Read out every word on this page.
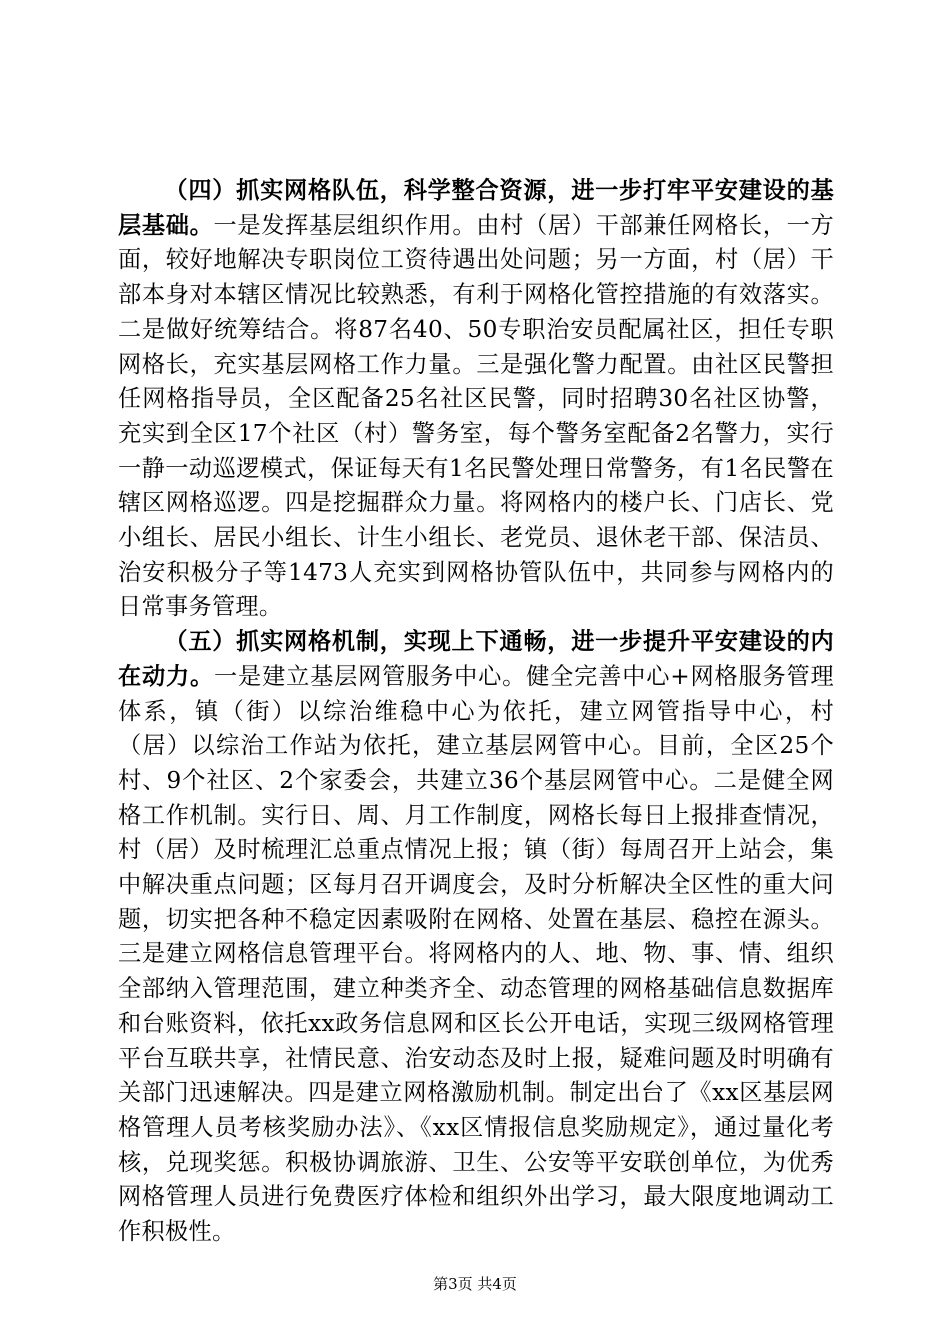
（四）抓实网格队伍，科学整合资源，进一步打牢平安建设的基层基础。一是发挥基层组织作用。由村（居）干部兼任网格长，一方面，较好地解决专职岗位工资待遇出处问题；另一方面，村（居）干部本身对本辖区情况比较熟悉，有利于网格化管控措施的有效落实。二是做好统筹结合。将87名40、50专职治安员配属社区，担任专职网格长，充实基层网格工作力量。三是强化警力配置。由社区民警担任网格指导员，全区配备25名社区民警，同时招聘30名社区协警，充实到全区17个社区（村）警务室，每个警务室配备2名警力，实行一静一动巡逻模式，保证每天有1名民警处理日常警务，有1名民警在辖区网格巡逻。四是挖掘群众力量。将网格内的楼户长、门店长、党小组长、居民小组长、计生小组长、老党员、退休老干部、保洁员、治安积极分子等1473人充实到网格协管队伍中，共同参与网格内的日常事务管理。

（五）抓实网格机制，实现上下通畅，进一步提升平安建设的内在动力。一是建立基层网管服务中心。健全完善中心+网格服务管理体系，镇（街）以综治维稳中心为依托，建立网管指导中心，村（居）以综治工作站为依托，建立基层网管中心。目前，全区25个村、9个社区、2个家委会，共建立36个基层网管中心。二是健全网格工作机制。实行日、周、月工作制度，网格长每日上报排查情况，村（居）及时梳理汇总重点情况上报；镇（街）每周召开上站会，集中解决重点问题；区每月召开调度会，及时分析解决全区性的重大问题，切实把各种不稳定因素吸附在网格、处置在基层、稳控在源头。三是建立网格信息管理平台。将网格内的人、地、物、事、情、组织全部纳入管理范围，建立种类齐全、动态管理的网格基础信息数据库和台账资料，依托xx政务信息网和区长公开电话，实现三级网格管理平台互联共享，社情民意、治安动态及时上报，疑难问题及时明确有关部门迅速解决。四是建立网格激励机制。制定出台了《xx区基层网格管理人员考核奖励办法》、《xx区情报信息奖励规定》，通过量化考核，兑现奖惩。积极协调旅游、卫生、公安等平安联创单位，为优秀网格管理人员进行免费医疗体检和组织外出学习，最大限度地调动工作积极性。

第3页 共4页
